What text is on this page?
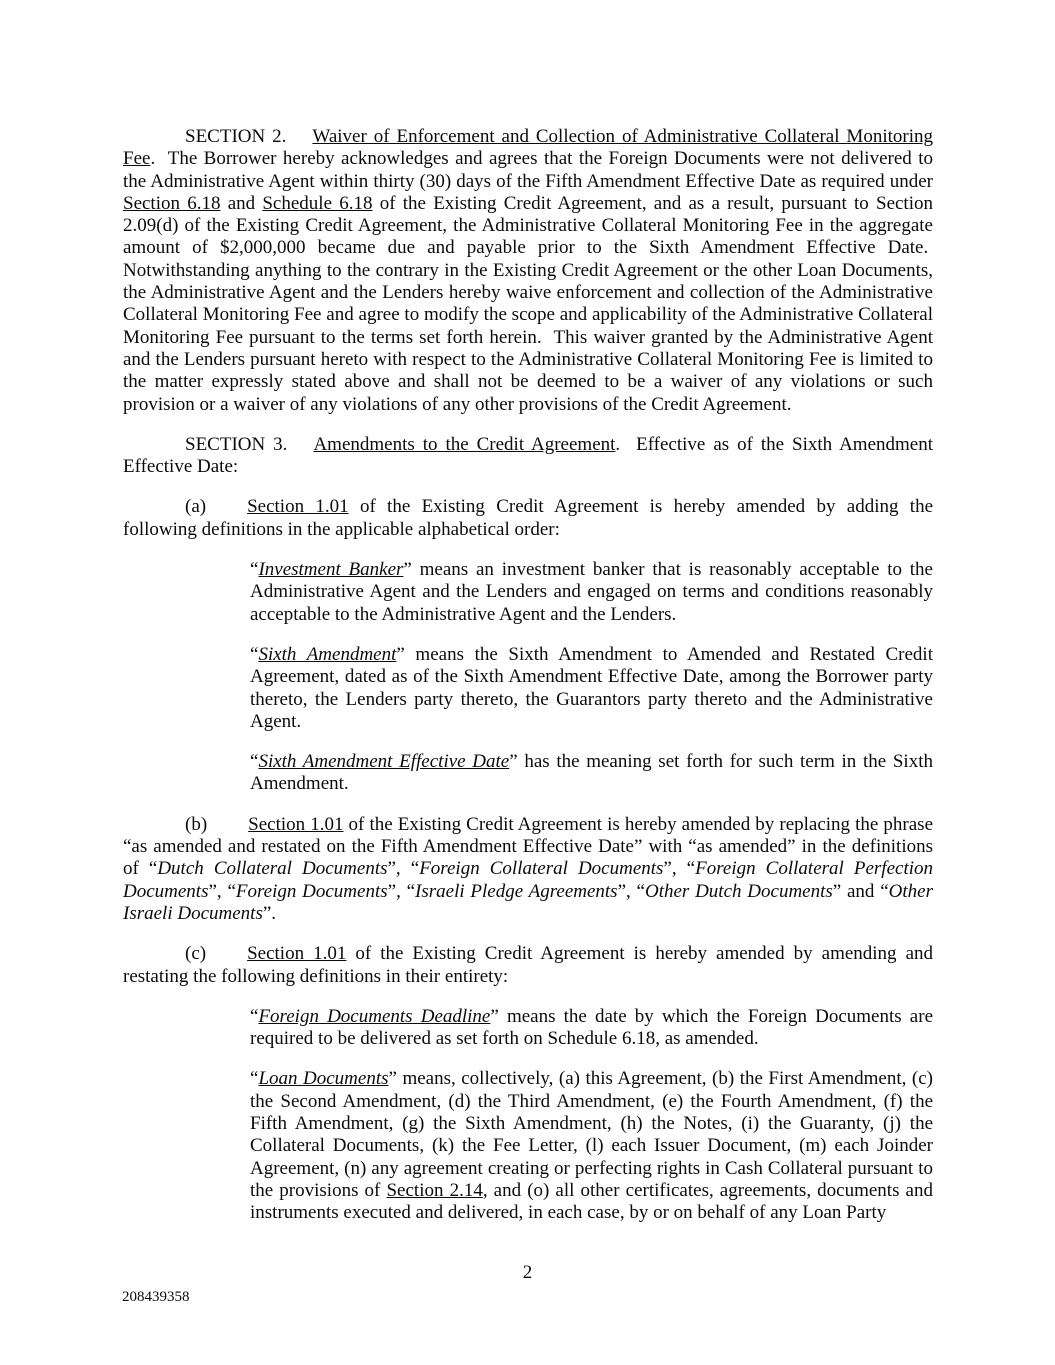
SECTION 2. Waiver of Enforcement and Collection of Administrative Collateral Monitoring Fee.  The Borrower hereby acknowledges and agrees that the Foreign Documents were not delivered to the Administrative Agent within thirty (30) days of the Fifth Amendment Effective Date as required under Section 6.18 and Schedule 6.18 of the Existing Credit Agreement, and as a result, pursuant to Section 2.09(d) of the Existing Credit Agreement, the Administrative Collateral Monitoring Fee in the aggregate amount of $2,000,000 became due and payable prior to the Sixth Amendment Effective Date.  Notwithstanding anything to the contrary in the Existing Credit Agreement or the other Loan Documents, the Administrative Agent and the Lenders hereby waive enforcement and collection of the Administrative Collateral Monitoring Fee and agree to modify the scope and applicability of the Administrative Collateral Monitoring Fee pursuant to the terms set forth herein.  This waiver granted by the Administrative Agent and the Lenders pursuant hereto with respect to the Administrative Collateral Monitoring Fee is limited to the matter expressly stated above and shall not be deemed to be a waiver of any violations or such provision or a waiver of any violations of any other provisions of the Credit Agreement.

SECTION 3. Amendments to the Credit Agreement.  Effective as of the Sixth Amendment Effective Date:

(a) Section 1.01 of the Existing Credit Agreement is hereby amended by adding the following definitions in the applicable alphabetical order:

“Investment Banker” means an investment banker that is reasonably acceptable to the Administrative Agent and the Lenders and engaged on terms and conditions reasonably acceptable to the Administrative Agent and the Lenders.

“Sixth Amendment” means the Sixth Amendment to Amended and Restated Credit Agreement, dated as of the Sixth Amendment Effective Date, among the Borrower party thereto, the Lenders party thereto, the Guarantors party thereto and the Administrative Agent.

“Sixth Amendment Effective Date” has the meaning set forth for such term in the Sixth Amendment.

(b) Section 1.01 of the Existing Credit Agreement is hereby amended by replacing the phrase “as amended and restated on the Fifth Amendment Effective Date” with “as amended” in the definitions of “Dutch Collateral Documents”, “Foreign Collateral Documents”, “Foreign Collateral Perfection Documents”, “Foreign Documents”, “Israeli Pledge Agreements”, “Other Dutch Documents” and “Other Israeli Documents”.

(c) Section 1.01 of the Existing Credit Agreement is hereby amended by amending and restating the following definitions in their entirety:

“Foreign Documents Deadline” means the date by which the Foreign Documents are required to be delivered as set forth on Schedule 6.18, as amended.

“Loan Documents” means, collectively, (a) this Agreement, (b) the First Amendment, (c) the Second Amendment, (d) the Third Amendment, (e) the Fourth Amendment, (f) the Fifth Amendment, (g) the Sixth Amendment, (h) the Notes, (i) the Guaranty, (j) the Collateral Documents, (k) the Fee Letter, (l) each Issuer Document, (m) each Joinder Agreement, (n) any agreement creating or perfecting rights in Cash Collateral pursuant to the provisions of Section 2.14, and (o) all other certificates, agreements, documents and instruments executed and delivered, in each case, by or on behalf of any Loan Party

2
208439358
